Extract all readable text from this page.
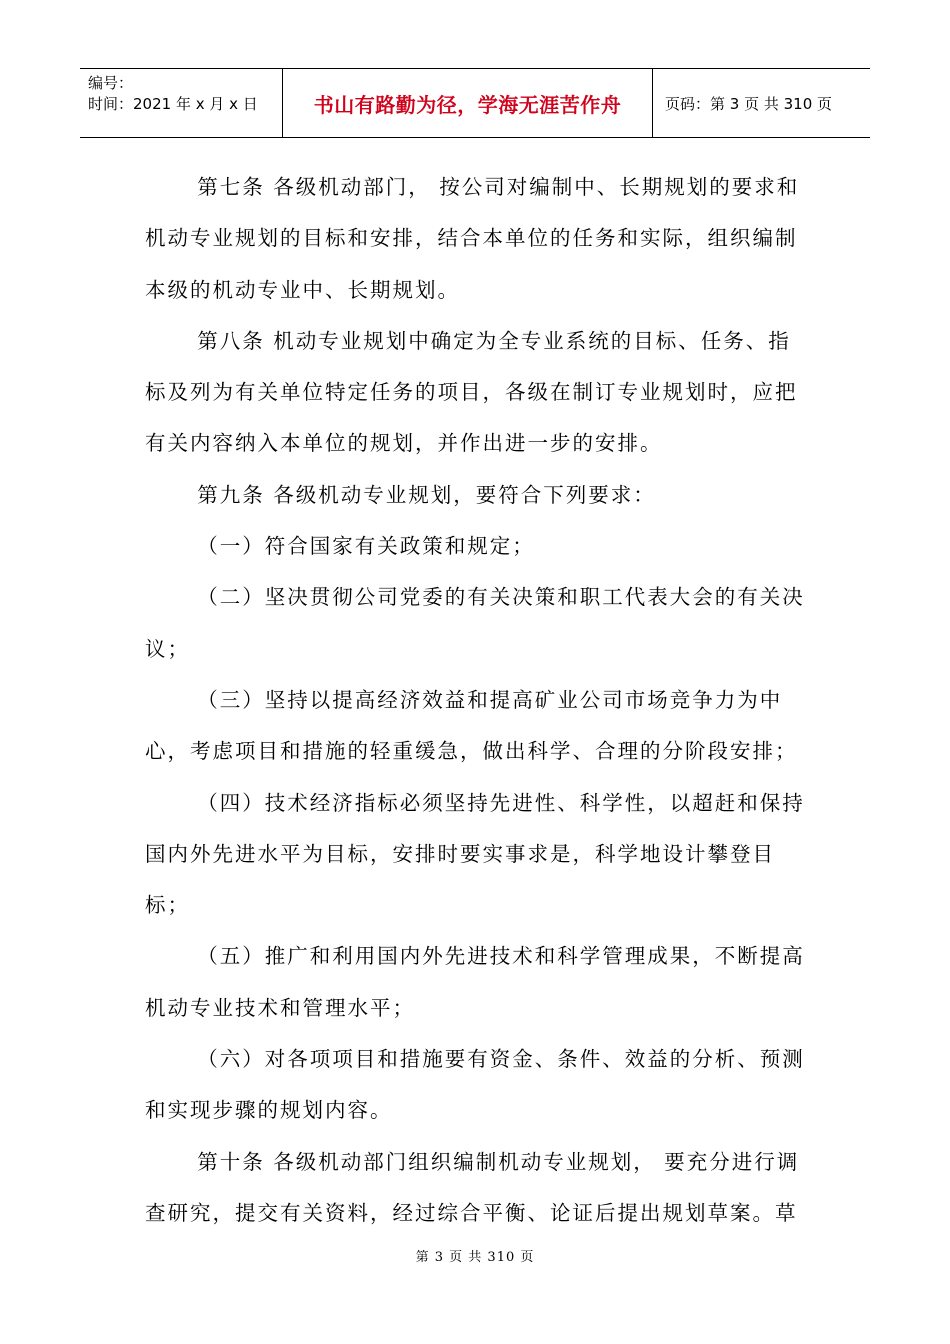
编号：
时间：2021 年 x 月 x 日	书山有路勤为径，学海无涯苦作舟	页码：第 3 页 共 310 页

第七条 各级机动部门， 按公司对编制中、长期规划的要求和机动专业规划的目标和安排，结合本单位的任务和实际，组织编制本级的机动专业中、长期规划。

第八条 机动专业规划中确定为全专业系统的目标、任务、指标及列为有关单位特定任务的项目，各级在制订专业规划时，应把有关内容纳入本单位的规划，并作出进一步的安排。

第九条 各级机动专业规划，要符合下列要求：

（一）符合国家有关政策和规定；

（二）坚决贯彻公司党委的有关决策和职工代表大会的有关决议；

（三）坚持以提高经济效益和提高矿业公司市场竞争力为中心，考虑项目和措施的轻重缓急，做出科学、合理的分阶段安排；

（四）技术经济指标必须坚持先进性、科学性，以超赶和保持国内外先进水平为目标，安排时要实事求是，科学地设计攀登目标；

（五）推广和利用国内外先进技术和科学管理成果，不断提高机动专业技术和管理水平；

（六）对各项项目和措施要有资金、条件、效益的分析、预测和实现步骤的规划内容。

第十条 各级机动部门组织编制机动专业规划， 要充分进行调查研究，提交有关资料，经过综合平衡、论证后提出规划草案。草

第 3 页 共 310 页
